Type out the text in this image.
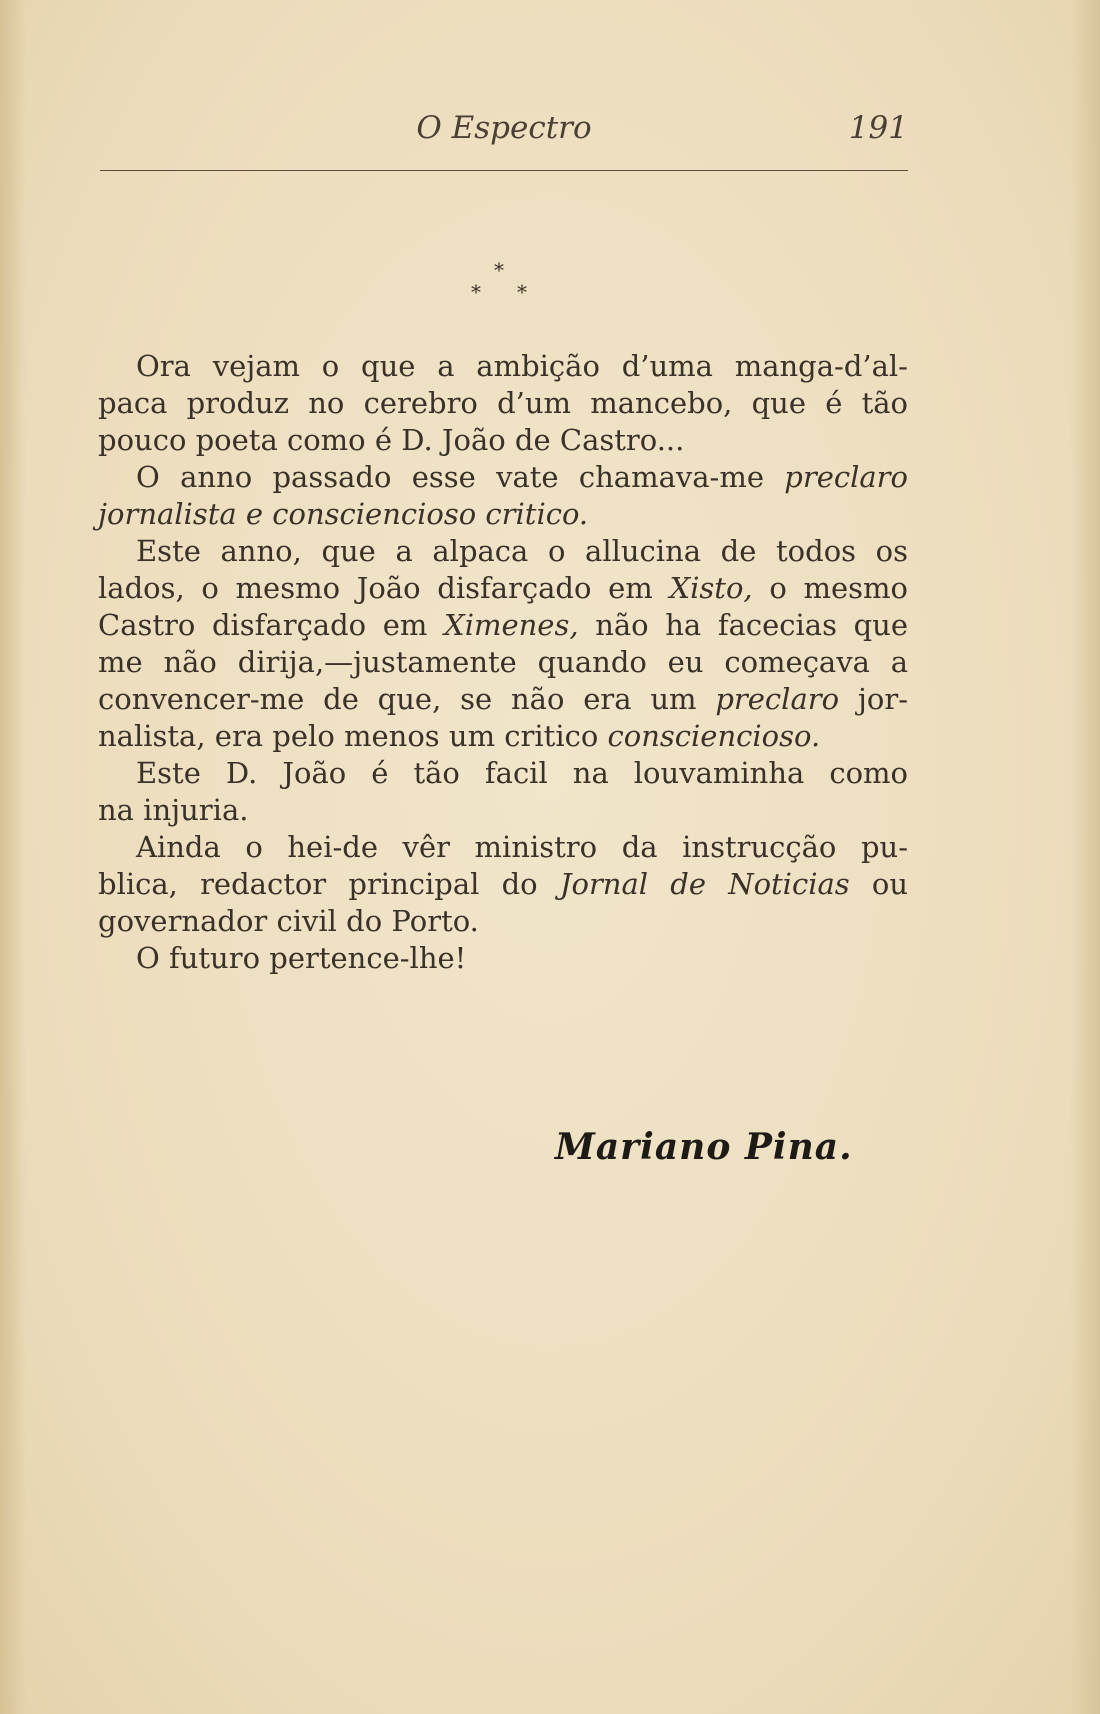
O Espectro	191
*
* *
Ora vejam o que a ambição d’uma manga-d’al-
paca produz no cerebro d’um mancebo, que é tão
pouco poeta como é D. João de Castro...
O anno passado esse vate chamava-me preclaro
jornalista e consciencioso critico.
Este anno, que a alpaca o allucina de todos os
lados, o mesmo João disfarçado em Xisto, o mesmo
Castro disfarçado em Ximenes, não ha facecias que
me não dirija,—justamente quando eu começava a
convencer-me de que, se não era um preclaro jor-
nalista, era pelo menos um critico consciencioso.
Este D. João é tão facil na louvaminha como
na injuria.
Ainda o hei-de vêr ministro da instrucção pu-
blica, redactor principal do Jornal de Noticias ou
governador civil do Porto.
O futuro pertence-lhe!
Mariano Pina.
